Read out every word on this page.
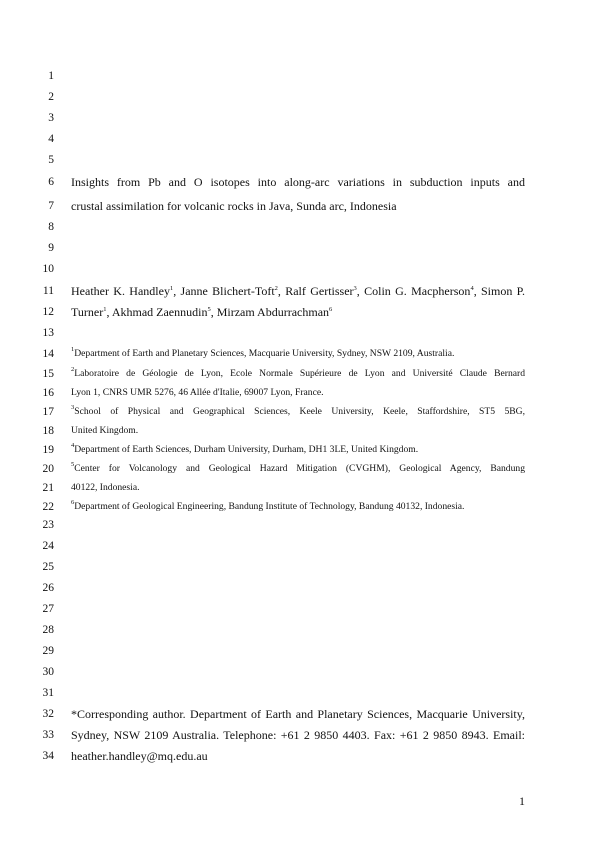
1
2
3
4
5
6 Insights from Pb and O isotopes into along-arc variations in subduction inputs and
7 crustal assimilation for volcanic rocks in Java, Sunda arc, Indonesia
8
9
10
11 Heather K. Handley$^1$, Janne Blichert-Toft$^2$, Ralf Gertisser$^3$, Colin G. Macpherson$^4$, Simon P.
12 Turner$^1$, Akhmad Zaennudin$^5$, Mirzam Abdurrachman$^6$
13
14	$^1$Department of Earth and Planetary Sciences, Macquarie University, Sydney, NSW 2109, Australia.
15	$^2$Laboratoire de Géologie de Lyon, Ecole Normale Supérieure de Lyon and Université Claude Bernard
16 Lyon 1, CNRS UMR 5276, 46 Allée d'Italie, 69007 Lyon, France.
17	$^3$School of Physical and Geographical Sciences, Keele University, Keele, Staffordshire, ST5 5BG,
18 United Kingdom.
19	$^4$Department of Earth Sciences, Durham University, Durham, DH1 3LE, United Kingdom.
20	$^5$Center for Volcanology and Geological Hazard Mitigation (CVGHM), Geological Agency, Bandung
21 40122, Indonesia.
22	$^6$Department of Geological Engineering, Bandung Institute of Technology, Bandung 40132, Indonesia.
23
24
25
26
27
28
29
30
31
32 *Corresponding author. Department of Earth and Planetary Sciences, Macquarie University,
33 Sydney, NSW 2109 Australia. Telephone: +61 2 9850 4403. Fax: +61 2 9850 8943. Email:
34 heather.handley@mq.edu.au
1
